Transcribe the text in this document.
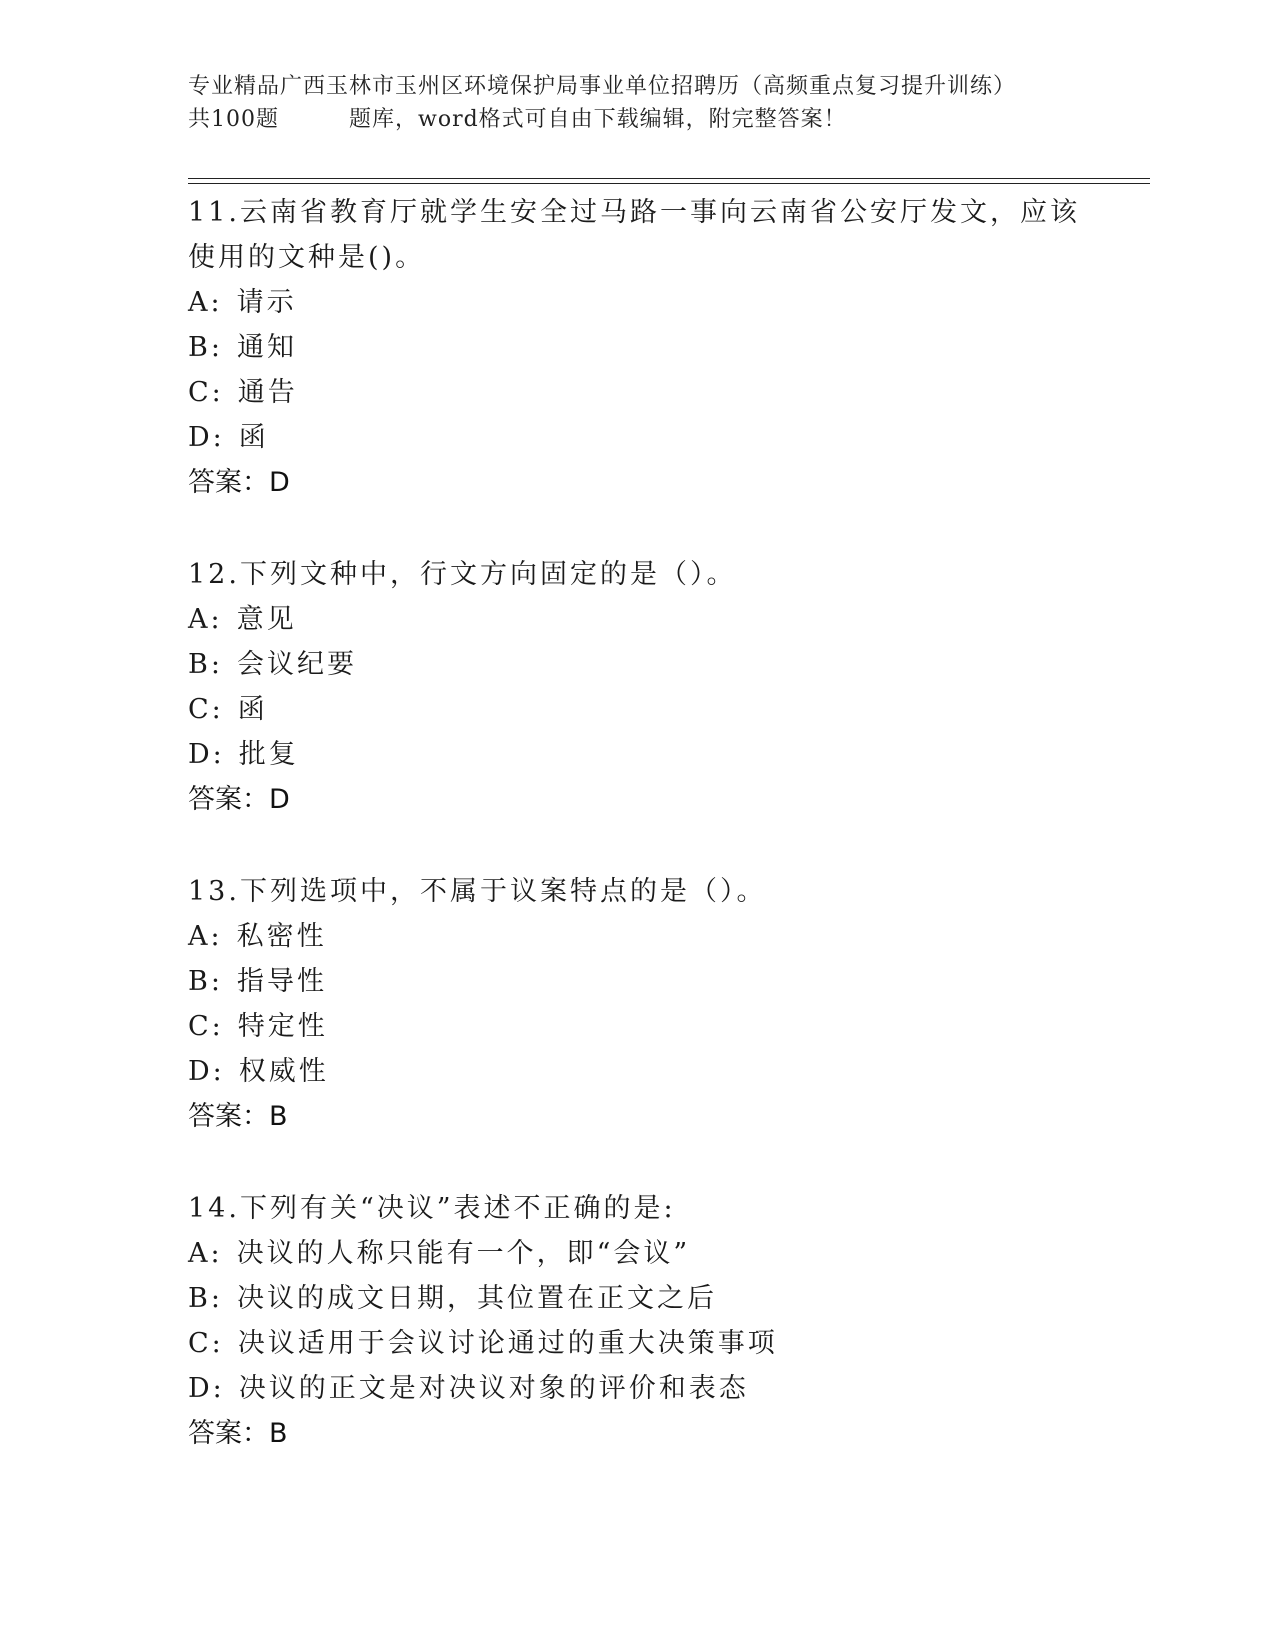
专业精品广西玉林市玉州区环境保护局事业单位招聘历（高频重点复习提升训练）
共100题	题库，word格式可自由下载编辑，附完整答案！

11.云南省教育厅就学生安全过马路一事向云南省公安厅发文，应该使用的文种是()。

A: 请示

B: 通知

C: 通告

D: 函

答案：D

12.下列文种中，行文方向固定的是（）。

A: 意见

B: 会议纪要

C: 函

D: 批复

答案：D

13.下列选项中，不属于议案特点的是（）。

A: 私密性

B: 指导性

C: 特定性

D: 权威性

答案：B

14.下列有关“决议”表述不正确的是:

A: 决议的人称只能有一个，即“会议”

B: 决议的成文日期，其位置在正文之后

C: 决议适用于会议讨论通过的重大决策事项

D: 决议的正文是对决议对象的评价和表态

答案：B
